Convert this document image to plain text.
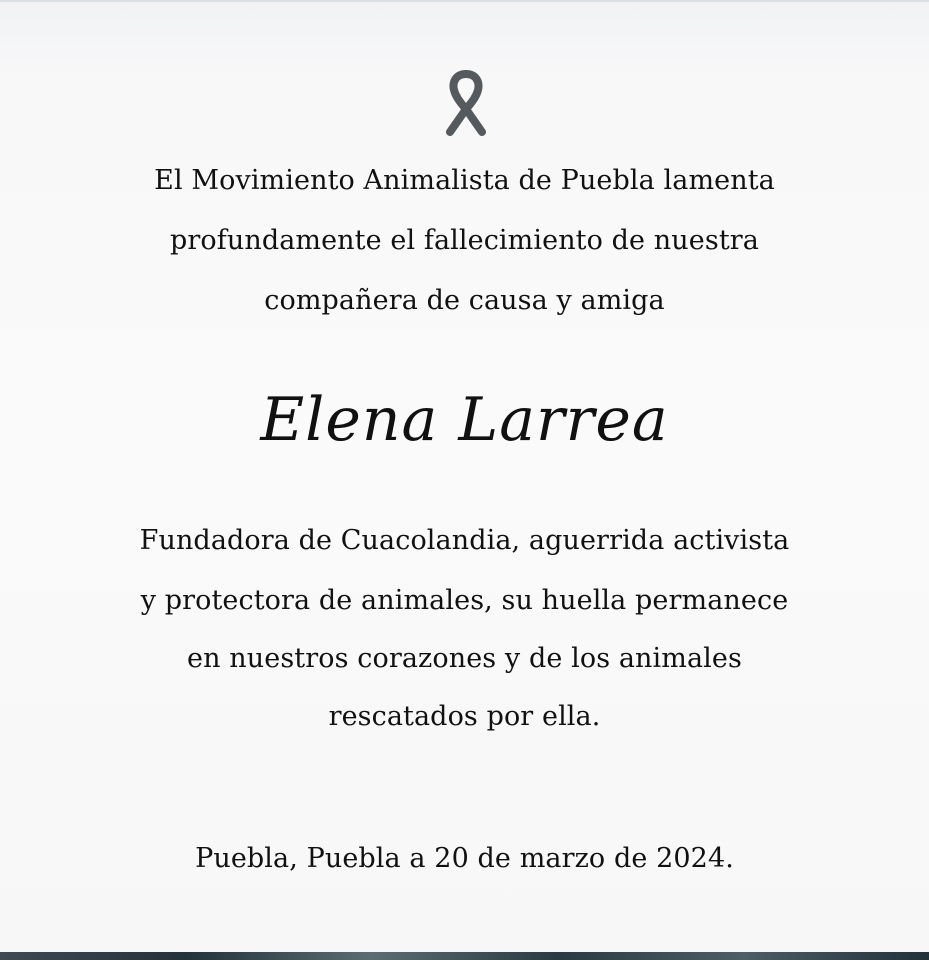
El Movimiento Animalista de Puebla lamenta
profundamente el fallecimiento de nuestra
compañera de causa y amiga
Elena Larrea
Fundadora de Cuacolandia, aguerrida activista
y protectora de animales, su huella permanece
en nuestros corazones y de los animales
rescatados por ella.
Puebla, Puebla a 20 de marzo de 2024.
